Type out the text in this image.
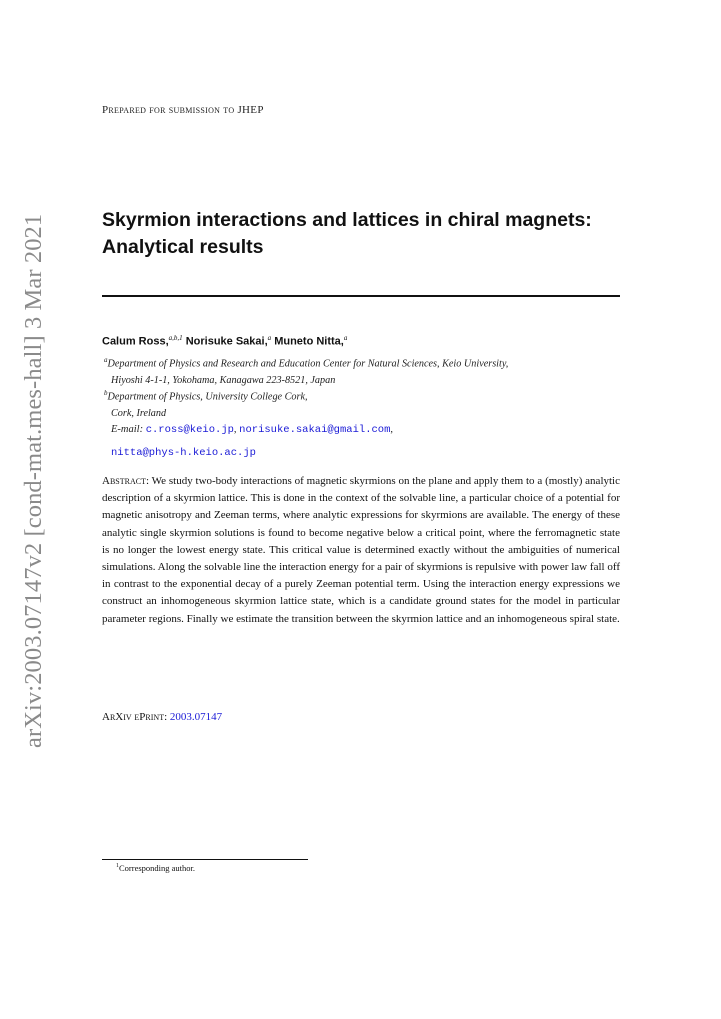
arXiv:2003.07147v2 [cond-mat.mes-hall] 3 Mar 2021
Prepared for submission to JHEP
Skyrmion interactions and lattices in chiral magnets:
Analytical results
Calum Ross,$^{a,b,1}$ Norisuke Sakai,$^a$ Muneto Nitta,$^a$
$^a$Department of Physics and Research and Education Center for Natural Sciences, Keio University,
Hiyoshi 4-1-1, Yokohama, Kanagawa 223-8521, Japan
$^b$Department of Physics, University College Cork,
Cork, Ireland
E-mail: c.ross@keio.jp, norisuke.sakai@gmail.com,
nitta@phys-h.keio.ac.jp
Abstract: We study two-body interactions of magnetic skyrmions on the plane and apply them to a (mostly) analytic description of a skyrmion lattice. This is done in the context of the solvable line, a particular choice of a potential for magnetic anisotropy and Zeeman terms, where analytic expressions for skyrmions are available. The energy of these analytic single skyrmion solutions is found to become negative below a critical point, where the ferromagnetic state is no longer the lowest energy state. This critical value is determined exactly without the ambiguities of numerical simulations. Along the solvable line the interaction energy for a pair of skyrmions is repulsive with power law fall off in contrast to the exponential decay of a purely Zeeman potential term. Using the interaction energy expressions we construct an inhomogeneous skyrmion lattice state, which is a candidate ground states for the model in particular parameter regions. Finally we estimate the transition between the skyrmion lattice and an inhomogeneous spiral state.
ArXiv ePrint: 2003.07147
$^1$Corresponding author.
